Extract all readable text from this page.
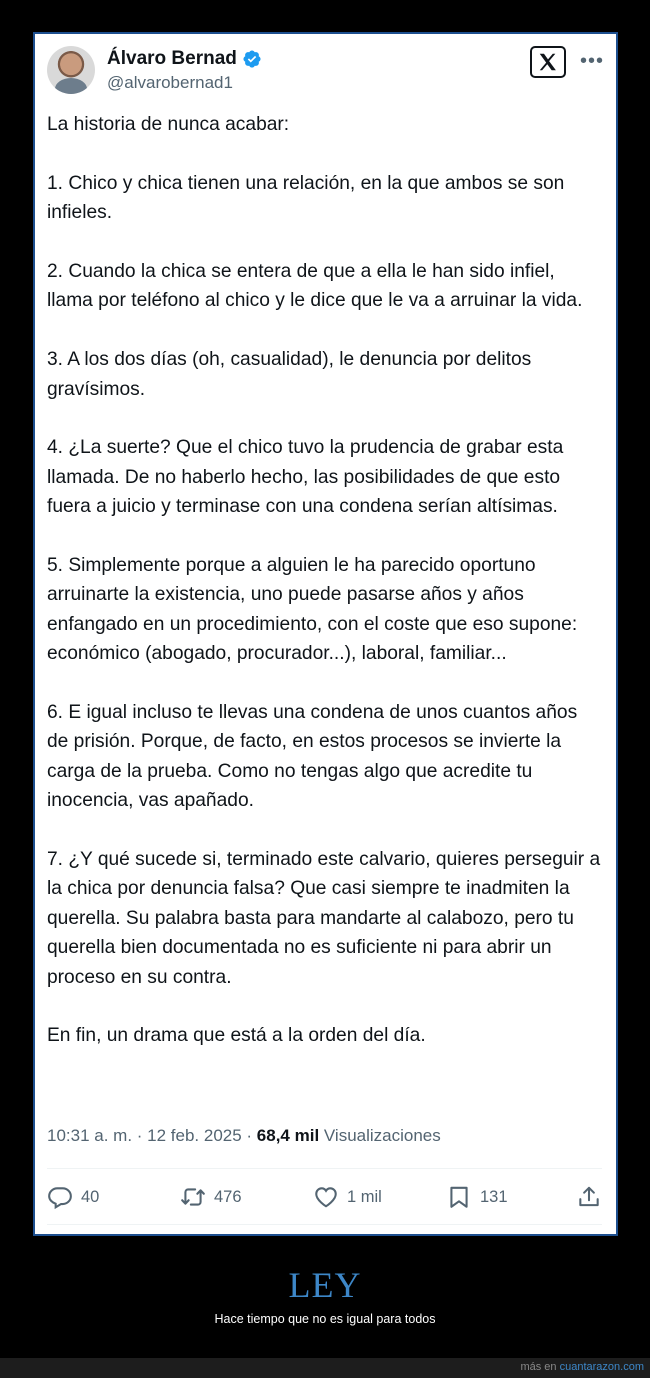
Álvaro Bernad
@alvarobernad1
•••

La historia de nunca acabar:

1. Chico y chica tienen una relación, en la que ambos se son infieles.

2. Cuando la chica se entera de que a ella le han sido infiel, llama por teléfono al chico y le dice que le va a arruinar la vida.

3. A los dos días (oh, casualidad), le denuncia por delitos gravísimos.

4. ¿La suerte? Que el chico tuvo la prudencia de grabar esta llamada. De no haberlo hecho, las posibilidades de que esto fuera a juicio y terminase con una condena serían altísimas.

5. Simplemente porque a alguien le ha parecido oportuno arruinarte la existencia, uno puede pasarse años y años enfangado en un procedimiento, con el coste que eso supone: económico (abogado, procurador...), laboral, familiar...

6. E igual incluso te llevas una condena de unos cuantos años de prisión. Porque, de facto, en estos procesos se invierte la carga de la prueba. Como no tengas algo que acredite tu inocencia, vas apañado.

7. ¿Y qué sucede si, terminado este calvario, quieres perseguir a la chica por denuncia falsa? Que casi siempre te inadmiten la querella. Su palabra basta para mandarte al calabozo, pero tu querella bien documentada no es suficiente ni para abrir un proceso en su contra.

En fin, un drama que está a la orden del día.

10:31 a. m. · 12 feb. 2025 · 68,4 mil Visualizaciones
40	476	1 mil	131
LEY
Hace tiempo que no es igual para todos
más en cuantarazon.com
